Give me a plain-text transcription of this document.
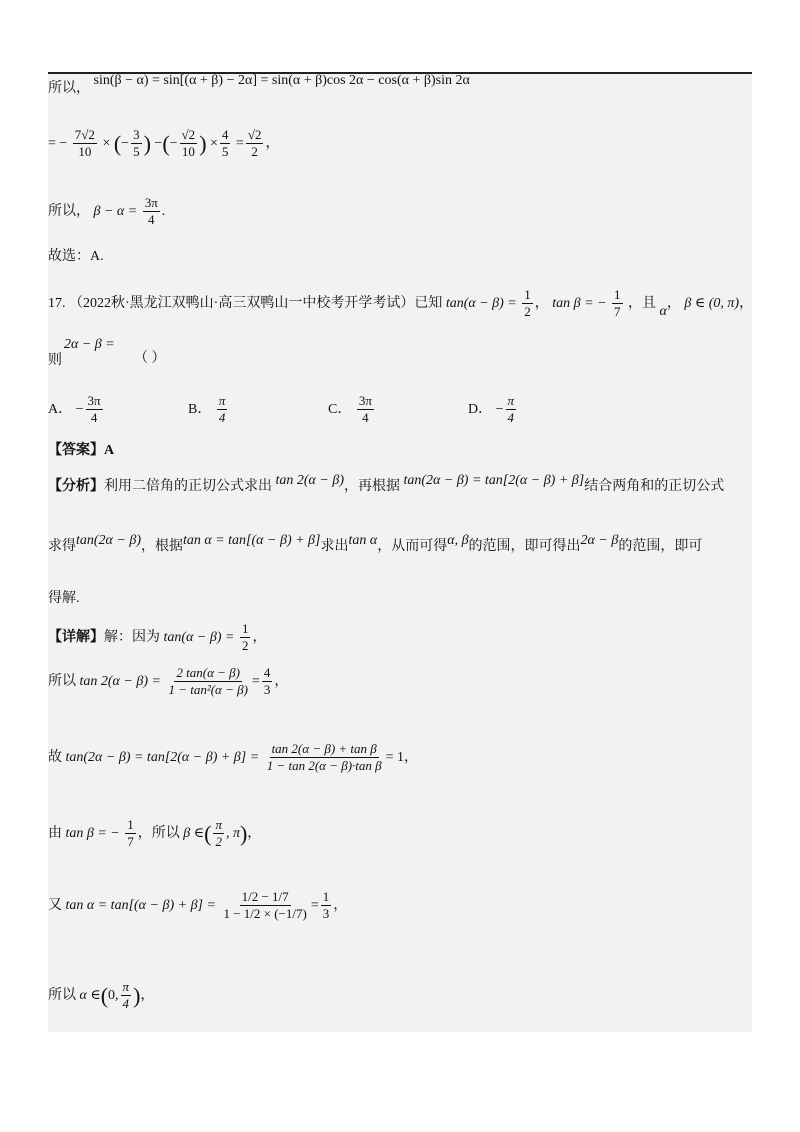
所以， sin(β − α) = sin[(α + β) − 2α] = sin(α + β)cos 2α − cos(α + β)sin 2α
= − $\frac{7√2}{10}$ × (− $\frac{3}{5}$ ) −(− $\frac{√2}{10}$ ) × $\frac{4}{5} = \frac{√2}{2}$ ，
所以， $\beta - \alpha = \frac{3\pi}{4}$ .
故选：A.
17. （2022秋·黑龙江双鸭山·高三双鸭山一中校考开学考试）已知 $\tan(\alpha - \beta) = \frac{1}{2}$ ， tan β = − $\frac{1}{7}$ ，且 α， β ∈ (0, π)，
2α − β =
则	（ ）
A． − $\frac{3\pi}{4}$	B． $\frac{\pi}{4}$	C． $\frac{3\pi}{4}$	D． − $\frac{\pi}{4}$
【答案】A
【分析】利用二倍角的正切公式求出 tan 2(α − β)，再根据 tan(2α − β) = tan[2(α − β) + β]结合两角和的正切公式
求得tan(2α − β)，根据tan α = tan[(α − β) + β]求出tan α，从而可得α, β的范围，即可得出2α − β的范围，即可
得解.
【详解】解：因为 $\tan(\alpha - \beta) = \frac{1}{2}$ ，
所以 $\tan 2(\alpha - \beta) = \frac{2 \tan(\alpha - \beta)}{\text{1 − tan²(α − β)}} = \frac{4}{3}$ ，
故 $\tan(2\alpha - \beta) = \tan[2(\alpha - \beta) + \beta] = \frac{\text{tan 2(α − β) + tan β}}{\text{1 − tan 2(α − β)·tan β}} = 1$，
由 tan β = − $\frac{1}{7}$ ，所以 β ∈( $\frac{\pi}{2}$ , π)，
又 $\tan \alpha = \tan[(\alpha - \beta) + \beta] = \frac{1/2 - 1/7}{1 - 1/2 \times (-1/7)} = \frac{1}{3}$ ，
所以 α ∈(0, $\frac{\pi}{4}$ )，
